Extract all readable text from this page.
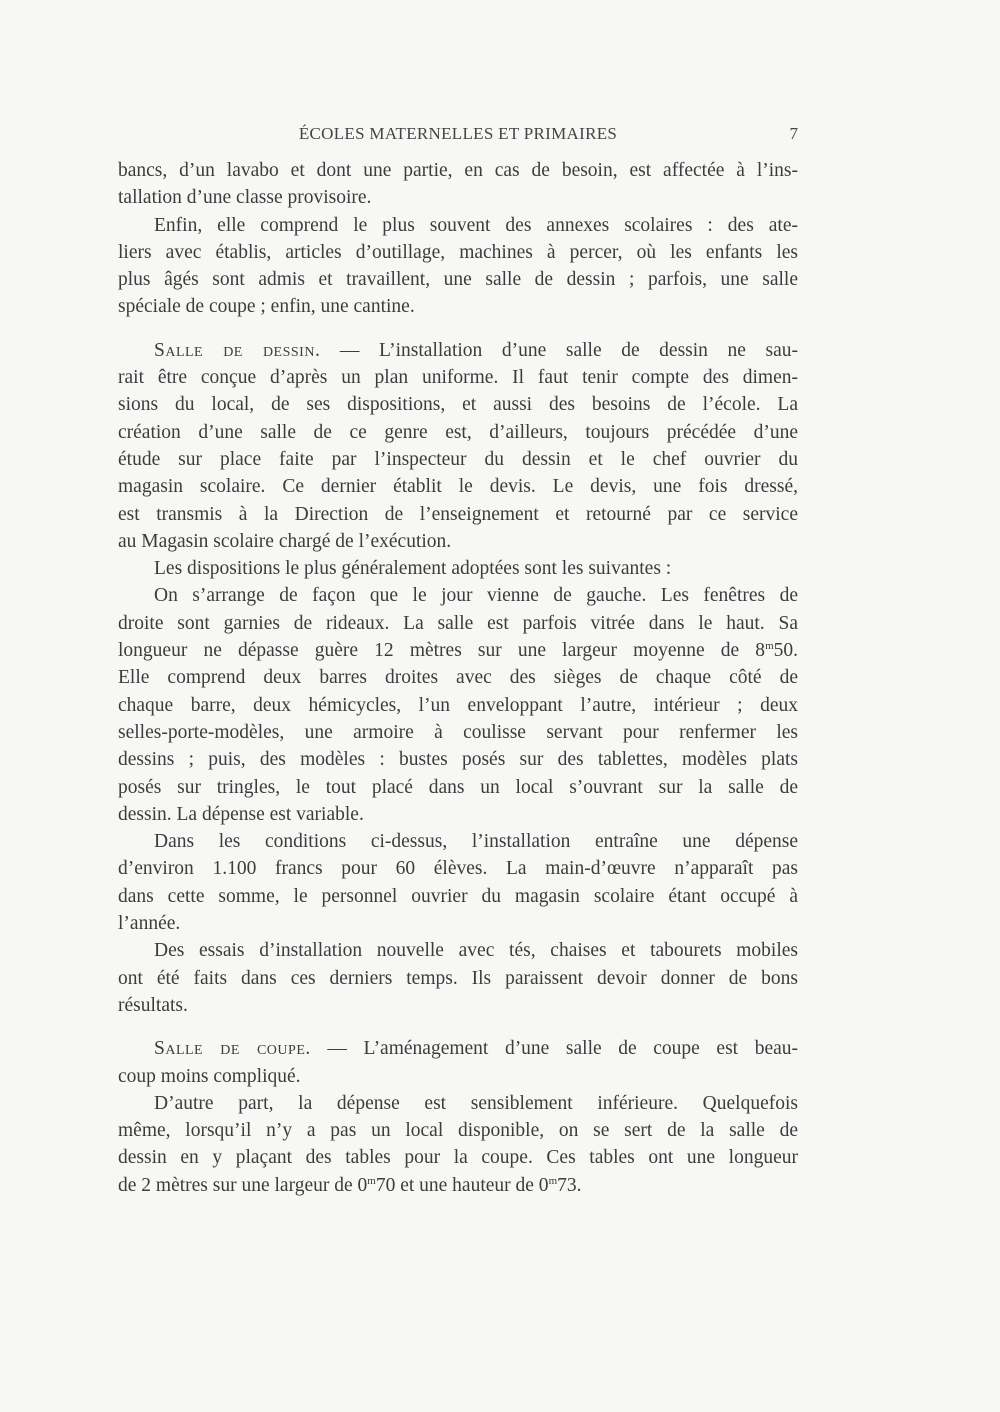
ÉCOLES MATERNELLES ET PRIMAIRES	7
bancs, d’un lavabo et dont une partie, en cas de besoin, est affectée à l’ins-
tallation d’une classe provisoire.
Enfin, elle comprend le plus souvent des annexes scolaires : des ate-
liers avec établis, articles d’outillage, machines à percer, où les enfants les
plus âgés sont admis et travaillent, une salle de dessin ; parfois, une salle
spéciale de coupe ; enfin, une cantine.
Salle de dessin. — L’installation d’une salle de dessin ne sau-
rait être conçue d’après un plan uniforme. Il faut tenir compte des dimen-
sions du local, de ses dispositions, et aussi des besoins de l’école. La
création d’une salle de ce genre est, d’ailleurs, toujours précédée d’une
étude sur place faite par l’inspecteur du dessin et le chef ouvrier du
magasin scolaire. Ce dernier établit le devis. Le devis, une fois dressé,
est transmis à la Direction de l’enseignement et retourné par ce service
au Magasin scolaire chargé de l’exécution.
Les dispositions le plus généralement adoptées sont les suivantes :
On s’arrange de façon que le jour vienne de gauche. Les fenêtres de
droite sont garnies de rideaux. La salle est parfois vitrée dans le haut. Sa
longueur ne dépasse guère 12 mètres sur une largeur moyenne de 8$^m$50.
Elle comprend deux barres droites avec des sièges de chaque côté de
chaque barre, deux hémicycles, l’un enveloppant l’autre, intérieur ; deux
selles-porte-modèles, une armoire à coulisse servant pour renfermer les
dessins ; puis, des modèles : bustes posés sur des tablettes, modèles plats
posés sur tringles, le tout placé dans un local s’ouvrant sur la salle de
dessin. La dépense est variable.
Dans les conditions ci-dessus, l’installation entraîne une dépense
d’environ 1.100 francs pour 60 élèves. La main-d’œuvre n’apparaît pas
dans cette somme, le personnel ouvrier du magasin scolaire étant occupé à
l’année.
Des essais d’installation nouvelle avec tés, chaises et tabourets mobiles
ont été faits dans ces derniers temps. Ils paraissent devoir donner de bons
résultats.
Salle de coupe. — L’aménagement d’une salle de coupe est beau-
coup moins compliqué.
D’autre part, la dépense est sensiblement inférieure. Quelquefois
même, lorsqu’il n’y a pas un local disponible, on se sert de la salle de
dessin en y plaçant des tables pour la coupe. Ces tables ont une longueur
de 2 mètres sur une largeur de 0$^m$70 et une hauteur de 0$^m$73.
